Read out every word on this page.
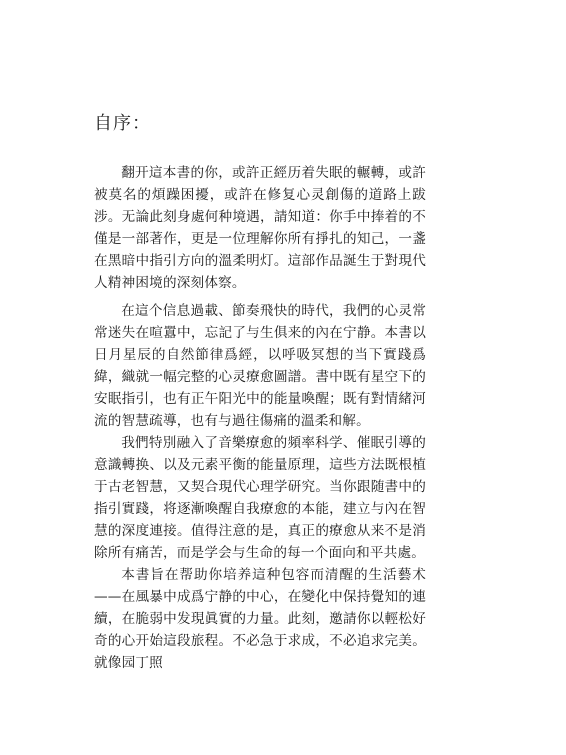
自序：

翻开這本書的你，或許正經历着失眠的輾轉，或許被莫名的煩躁困擾，或許在修复心灵創傷的道路上跋涉。无論此刻身處何种境遇，請知道：你手中捧着的不僅是一部著作，更是一位理解你所有掙扎的知己，一盞在黑暗中指引方向的溫柔明灯。這部作品誕生于對現代人精神困境的深刻体察。

在這个信息過載、節奏飛快的時代，我們的心灵常常迷失在喧囂中，忘記了与生俱来的內在宁静。本書以日月星辰的自然節律爲經，以呼吸冥想的当下實踐爲緯，織就一幅完整的心灵療愈圖譜。書中既有星空下的安眠指引，也有正午阳光中的能量喚醒；既有對情緒河流的智慧疏導，也有与過往傷痛的溫柔和解。

我們特別融入了音樂療愈的頻率科学、催眠引導的意識轉换、以及元素平衡的能量原理，這些方法既根植于古老智慧，又契合現代心理学研究。当你跟随書中的指引實踐，将逐漸喚醒自我療愈的本能，建立与內在智慧的深度連接。值得注意的是，真正的療愈从来不是消除所有痛苦，而是学会与生命的每一个面向和平共處。

本書旨在帮助你培养這种包容而清醒的生活藝术——在風暴中成爲宁静的中心，在變化中保持覺知的連續，在脆弱中发現眞實的力量。此刻，邀請你以輕松好奇的心开始這段旅程。不必急于求成，不必追求完美。就像园丁照
